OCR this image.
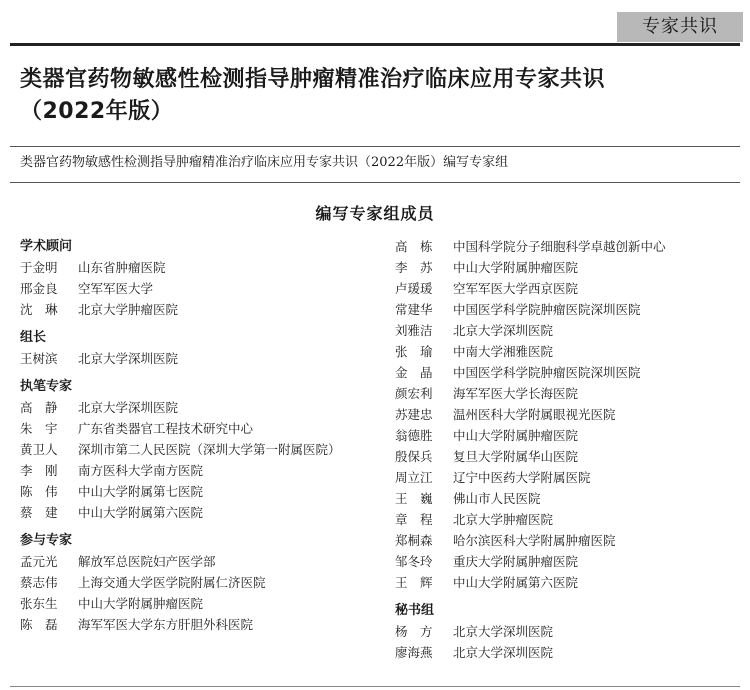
专家共识
类器官药物敏感性检测指导肿瘤精准治疗临床应用专家共识
（2022年版）
类器官药物敏感性检测指导肿瘤精准治疗临床应用专家共识（2022年版）编写专家组
编写专家组成员
学术顾问
于金明	山东省肿瘤医院
邢金良	空军军医大学
沈　琳	北京大学肿瘤医院
组长
王树滨	北京大学深圳医院
执笔专家
高　静	北京大学深圳医院
朱　宇	广东省类器官工程技术研究中心
黄卫人	深圳市第二人民医院（深圳大学第一附属医院）
李　刚	南方医科大学南方医院
陈　伟	中山大学附属第七医院
蔡　建	中山大学附属第六医院
参与专家
孟元光	解放军总医院妇产医学部
蔡志伟	上海交通大学医学院附属仁济医院
张东生	中山大学附属肿瘤医院
陈　磊	海军军医大学东方肝胆外科医院
高　栋	中国科学院分子细胞科学卓越创新中心
李　苏	中山大学附属肿瘤医院
卢瑗瑗	空军军医大学西京医院
常建华	中国医学科学院肿瘤医院深圳医院
刘雅洁	北京大学深圳医院
张　瑜	中南大学湘雅医院
金　晶	中国医学科学院肿瘤医院深圳医院
颜宏利	海军军医大学长海医院
苏建忠	温州医科大学附属眼视光医院
翁德胜	中山大学附属肿瘤医院
殷保兵	复旦大学附属华山医院
周立江	辽宁中医药大学附属医院
王　巍	佛山市人民医院
章　程	北京大学肿瘤医院
郑桐森	哈尔滨医科大学附属肿瘤医院
邹冬玲	重庆大学附属肿瘤医院
王　辉	中山大学附属第六医院
秘书组
杨　方	北京大学深圳医院
廖海燕	北京大学深圳医院
